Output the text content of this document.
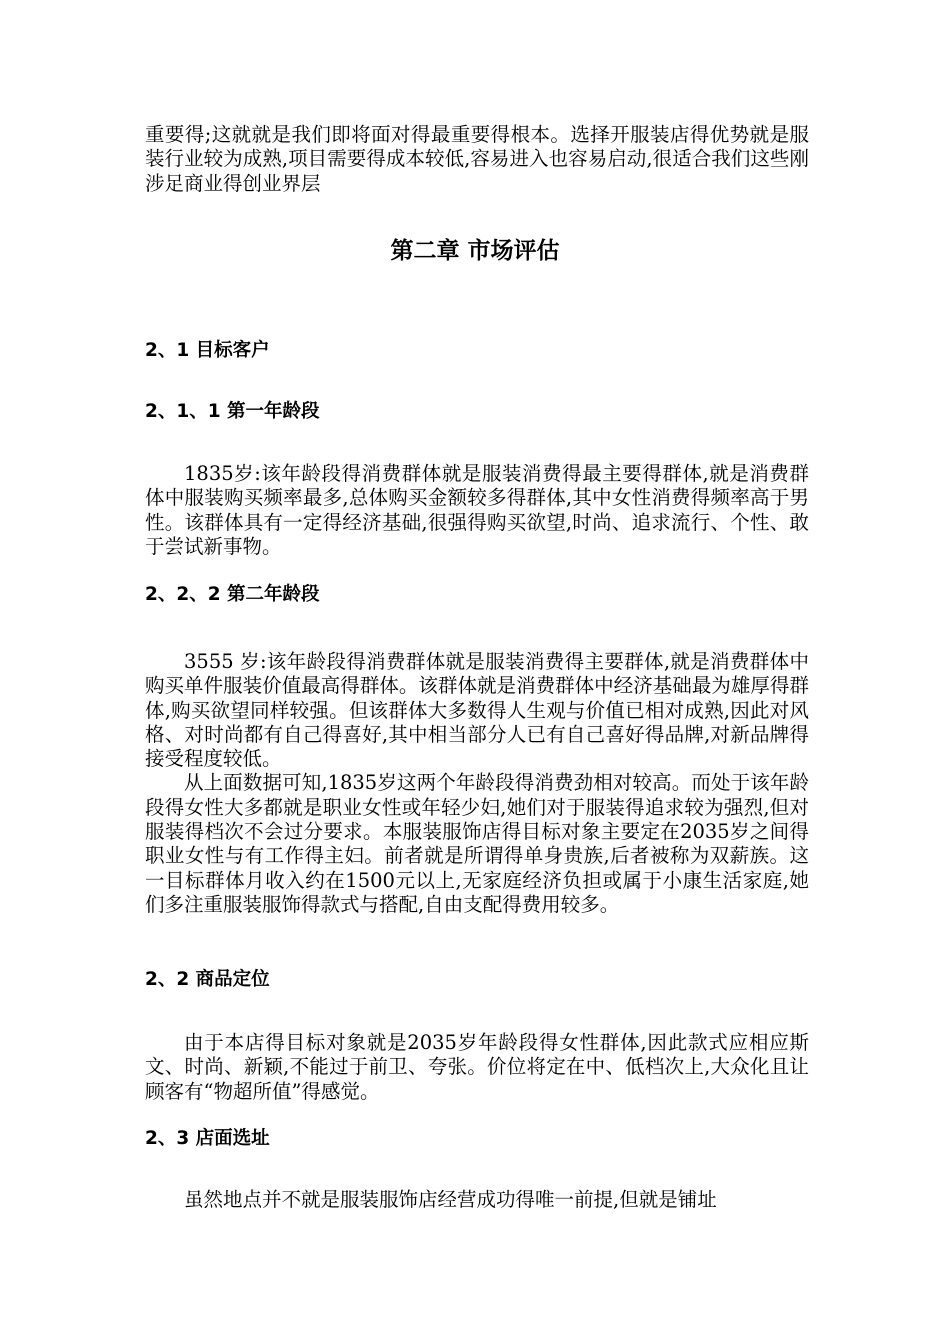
重要得;这就就是我们即将面对得最重要得根本。选择开服装店得优势就是服装行业较为成熟,项目需要得成本较低,容易进入也容易启动,很适合我们这些刚涉足商业得创业界层

第二章 市场评估
2、1 目标客户
2、1、1 第一年龄段

1835岁:该年龄段得消费群体就是服装消费得最主要得群体,就是消费群体中服装购买频率最多,总体购买金额较多得群体,其中女性消费得频率高于男性。该群体具有一定得经济基础,很强得购买欲望,时尚、追求流行、个性、敢于尝试新事物。

2、2、2 第二年龄段

3555 岁:该年龄段得消费群体就是服装消费得主要群体,就是消费群体中购买单件服装价值最高得群体。该群体就是消费群体中经济基础最为雄厚得群体,购买欲望同样较强。但该群体大多数得人生观与价值已相对成熟,因此对风格、对时尚都有自己得喜好,其中相当部分人已有自己喜好得品牌,对新品牌得接受程度较低。

从上面数据可知,1835岁这两个年龄段得消费劲相对较高。而处于该年龄段得女性大多都就是职业女性或年轻少妇,她们对于服装得追求较为强烈,但对服装得档次不会过分要求。本服装服饰店得目标对象主要定在2035岁之间得职业女性与有工作得主妇。前者就是所谓得单身贵族,后者被称为双薪族。这一目标群体月收入约在1500元以上,无家庭经济负担或属于小康生活家庭,她们多注重服装服饰得款式与搭配,自由支配得费用较多。

2、2 商品定位

由于本店得目标对象就是2035岁年龄段得女性群体,因此款式应相应斯文、时尚、新颖,不能过于前卫、夸张。价位将定在中、低档次上,大众化且让顾客有“物超所值”得感觉。

2、3 店面选址

虽然地点并不就是服装服饰店经营成功得唯一前提,但就是铺址
